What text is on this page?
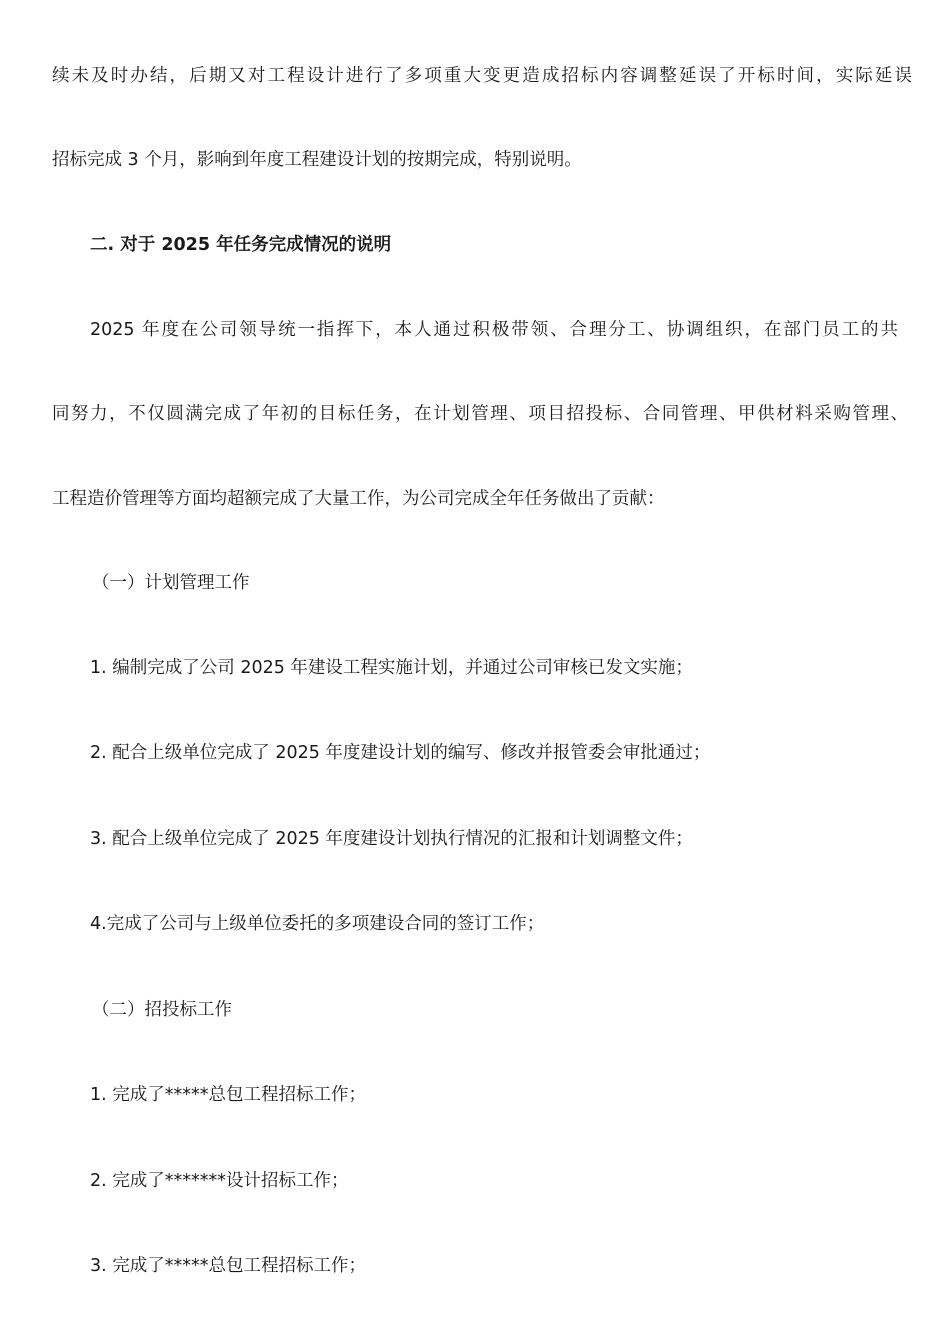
续未及时办结，后期又对工程设计进行了多项重大变更造成招标内容调整延误了开标时间，实际延误
招标完成 3 个月，影响到年度工程建设计划的按期完成，特别说明。
二. 对于 2025 年任务完成情况的说明
2025 年度在公司领导统一指挥下，本人通过积极带领、合理分工、协调组织，在部门员工的共
同努力，不仅圆满完成了年初的目标任务，在计划管理、项目招投标、合同管理、甲供材料采购管理、
工程造价管理等方面均超额完成了大量工作，为公司完成全年任务做出了贡献：
（一）计划管理工作
1. 编制完成了公司 2025 年建设工程实施计划，并通过公司审核已发文实施；
2. 配合上级单位完成了 2025 年度建设计划的编写、修改并报管委会审批通过；
3. 配合上级单位完成了 2025 年度建设计划执行情况的汇报和计划调整文件；
4.完成了公司与上级单位委托的多项建设合同的签订工作；
（二）招投标工作
1. 完成了*****总包工程招标工作；
2. 完成了*******设计招标工作；
3. 完成了*****总包工程招标工作；
